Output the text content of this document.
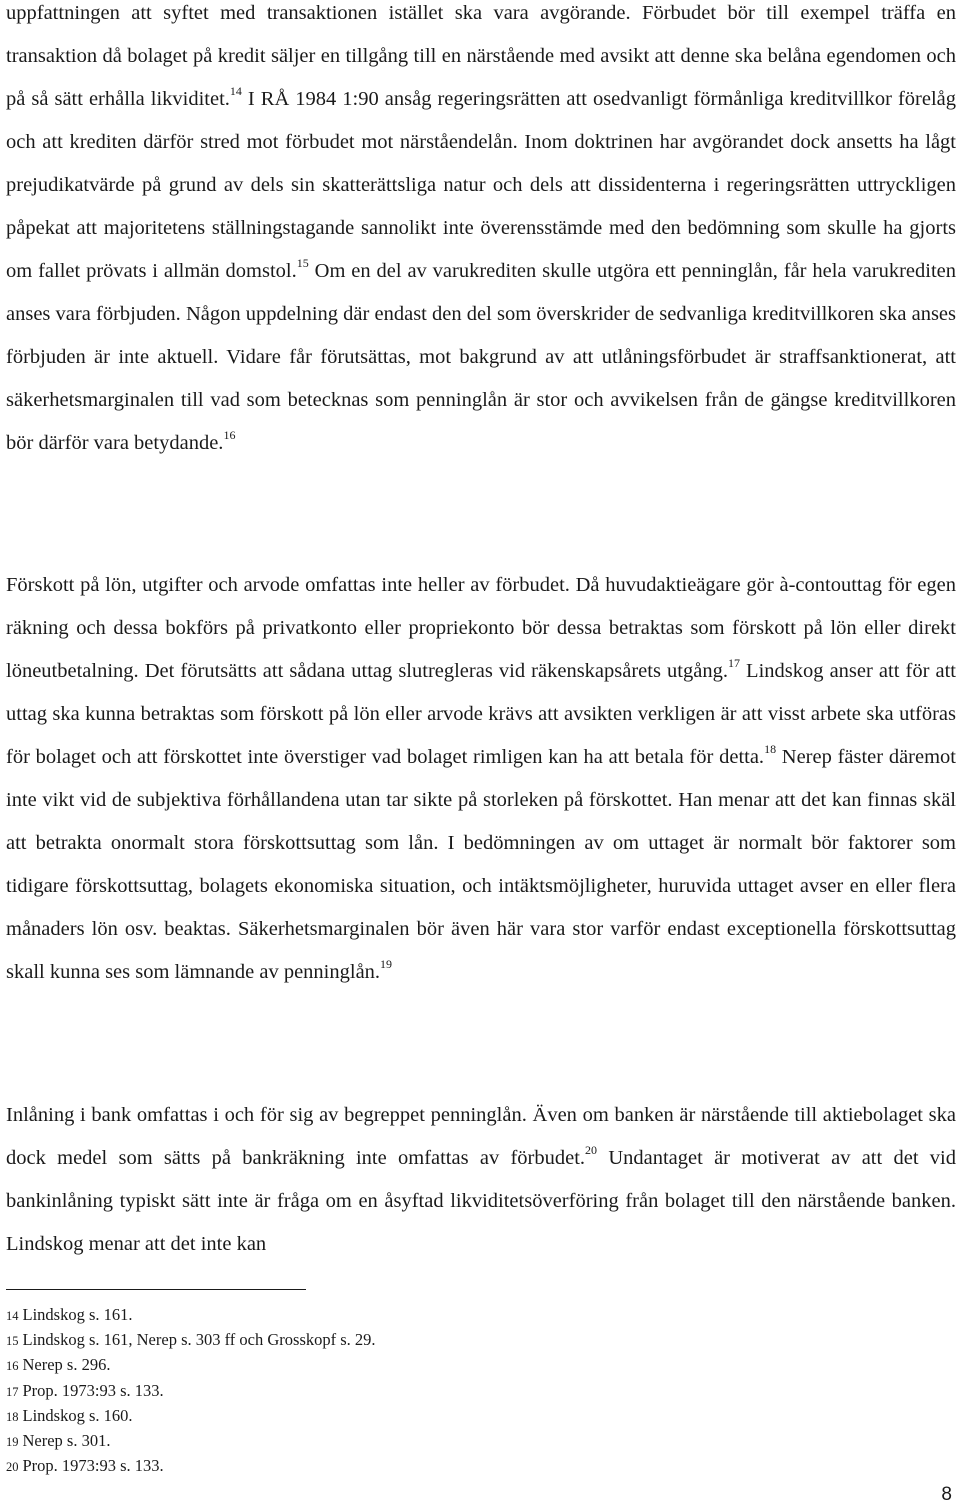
uppfattningen att syftet med transaktionen istället ska vara avgörande. Förbudet bör till exempel träffa en transaktion då bolaget på kredit säljer en tillgång till en närstående med avsikt att denne ska belåna egendomen och på så sätt erhålla likviditet.$^{14}$ I RÅ 1984 1:90 ansåg regeringsrätten att osedvanligt förmånliga kreditvillkor förelåg och att krediten därför stred mot förbudet mot närståendelån. Inom doktrinen har avgörandet dock ansetts ha lågt prejudikatvärde på grund av dels sin skatterättsliga natur och dels att dissidenterna i regeringsrätten uttryckligen påpekat att majoritetens ställningstagande sannolikt inte överensstämde med den bedömning som skulle ha gjorts om fallet prövats i allmän domstol.$^{15}$ Om en del av varukrediten skulle utgöra ett penninglån, får hela varukrediten anses vara förbjuden. Någon uppdelning där endast den del som överskrider de sedvanliga kreditvillkoren ska anses förbjuden är inte aktuell. Vidare får förutsättas, mot bakgrund av att utlåningsförbudet är straffsanktionerat, att säkerhetsmarginalen till vad som betecknas som penninglån är stor och avvikelsen från de gängse kreditvillkoren bör därför vara betydande.$^{16}$

Förskott på lön, utgifter och arvode omfattas inte heller av förbudet. Då huvudaktieägare gör à-contouttag för egen räkning och dessa bokförs på privatkonto eller propriekonto bör dessa betraktas som förskott på lön eller direkt löneutbetalning. Det förutsätts att sådana uttag slutregleras vid räkenskapsårets utgång.$^{17}$ Lindskog anser att för att uttag ska kunna betraktas som förskott på lön eller arvode krävs att avsikten verkligen är att visst arbete ska utföras för bolaget och att förskottet inte överstiger vad bolaget rimligen kan ha att betala för detta.$^{18}$ Nerep fäster däremot inte vikt vid de subjektiva förhållandena utan tar sikte på storleken på förskottet. Han menar att det kan finnas skäl att betrakta onormalt stora förskottsuttag som lån. I bedömningen av om uttaget är normalt bör faktorer som tidigare förskottsuttag, bolagets ekonomiska situation, och intäktsmöjligheter, huruvida uttaget avser en eller flera månaders lön osv. beaktas. Säkerhetsmarginalen bör även här vara stor varför endast exceptionella förskottsuttag skall kunna ses som lämnande av penninglån.$^{19}$

Inlåning i bank omfattas i och för sig av begreppet penninglån. Även om banken är närstående till aktiebolaget ska dock medel som sätts på bankräkning inte omfattas av förbudet.$^{20}$ Undantaget är motiverat av att det vid bankinlåning typiskt sätt inte är fråga om en åsyftad likviditetsöverföring från bolaget till den närstående banken. Lindskog menar att det inte kan

14 Lindskog s. 161.
15 Lindskog s. 161, Nerep s. 303 ff och Grosskopf s. 29.
16 Nerep s. 296.
17 Prop. 1973:93 s. 133.
18 Lindskog s. 160.
19 Nerep s. 301.
20 Prop. 1973:93 s. 133.
8
